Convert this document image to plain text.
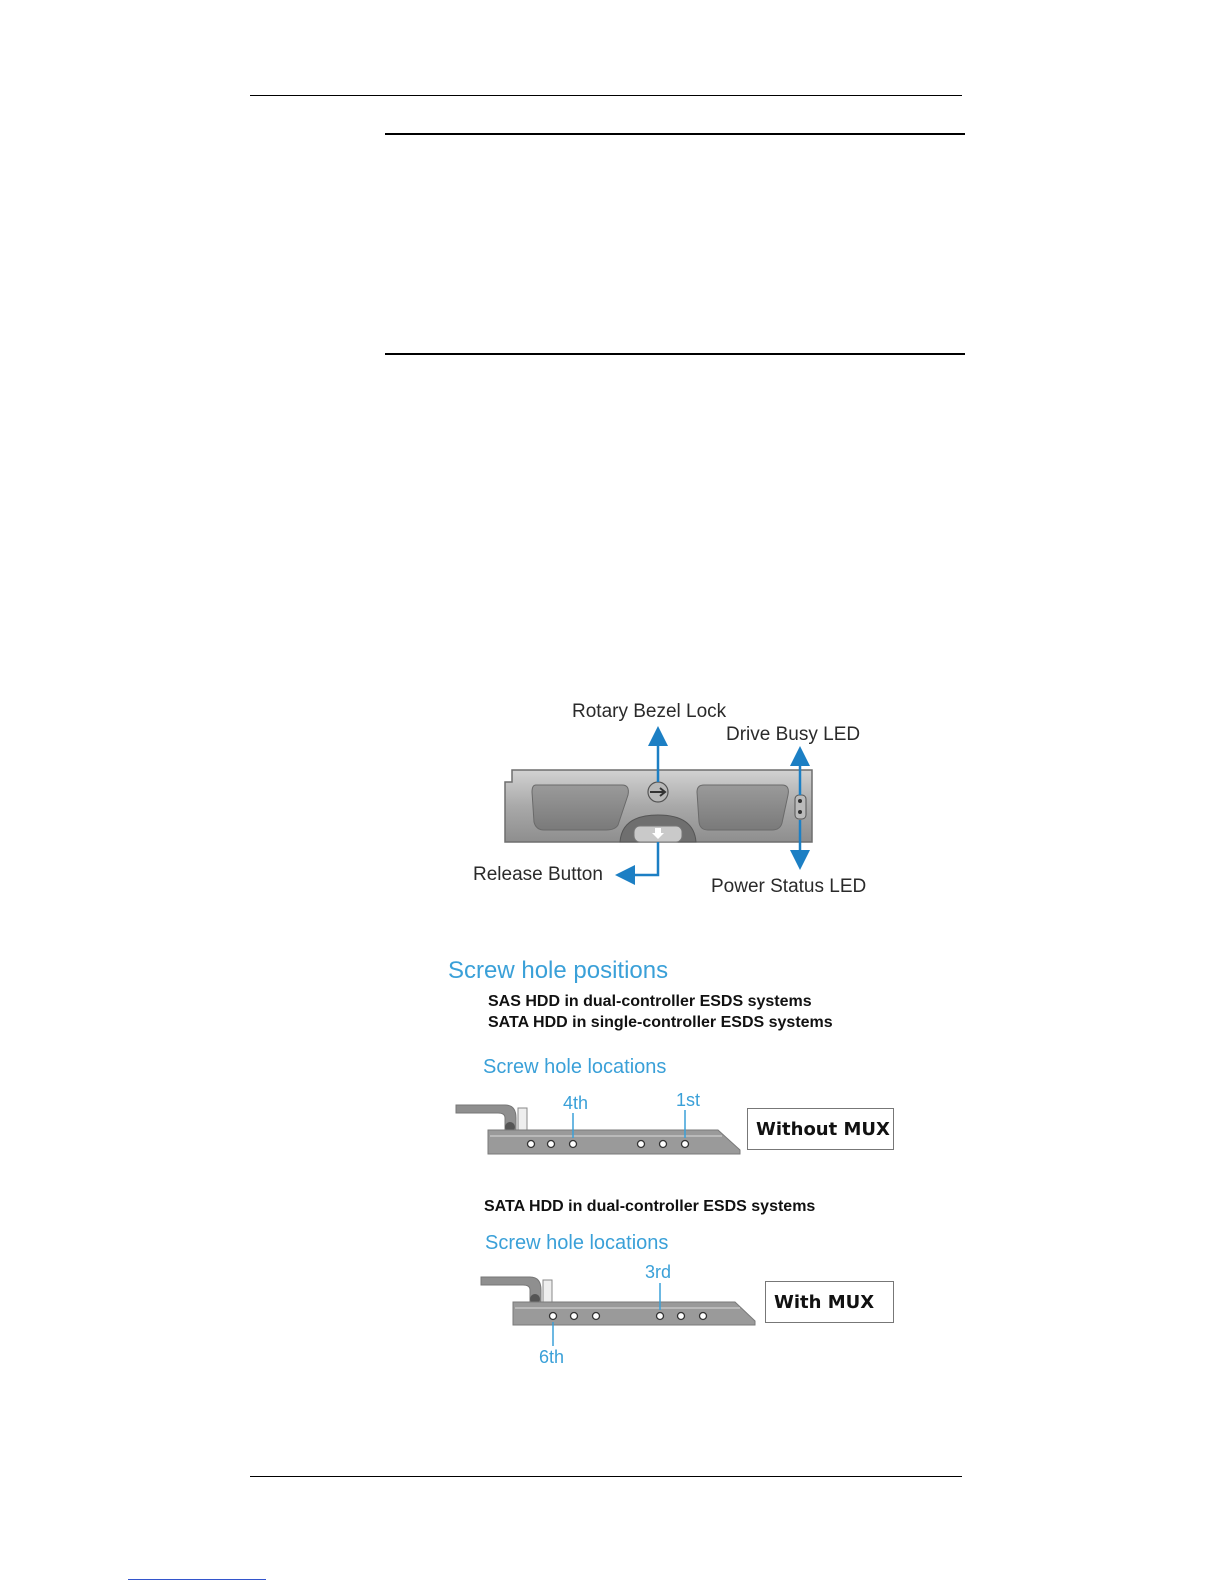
Rotary Bezel Lock
Drive Busy LED
Release Button
Power Status LED
Screw hole positions
SAS HDD in dual-controller ESDS systems
SATA HDD in single-controller ESDS systems
Screw hole locations
4th	1st
Without MUX
SATA HDD in dual-controller ESDS systems
Screw hole locations
3rd
6th
With MUX
